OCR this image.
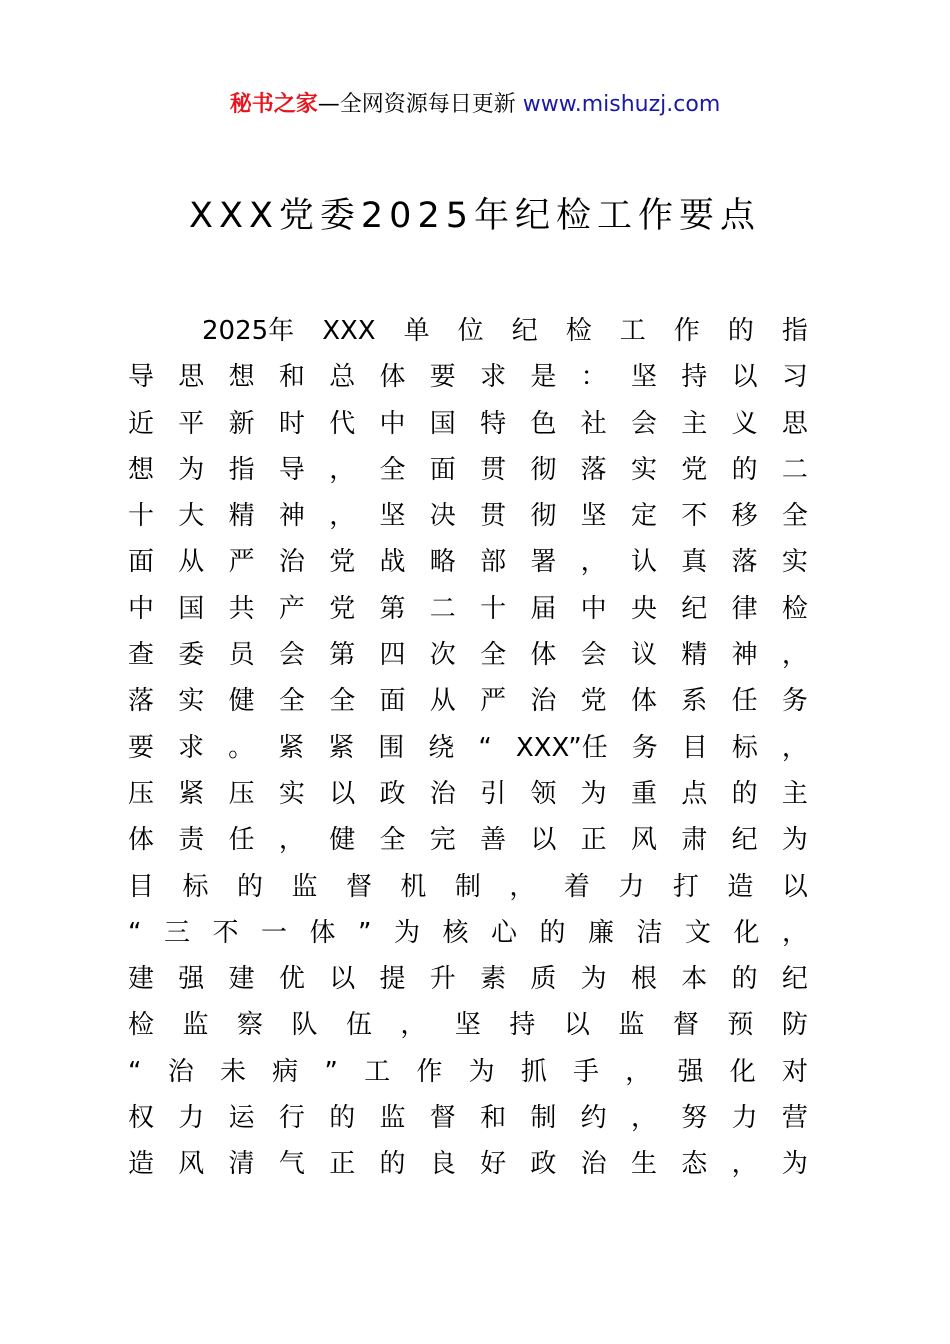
秘书之家—全网资源每日更新 www.mishuzj.com
XXX党委2025年纪检工作要点
2025年 XXX 单 位 纪 检 工 作 的 指
导 思 想 和 总 体 要 求 是 ： 坚 持 以 习
近 平 新 时 代 中 国 特 色 社 会 主 义 思
想 为 指 导 ， 全 面 贯 彻 落 实 党 的 二
十 大 精 神 ， 坚 决 贯 彻 坚 定 不 移 全
面 从 严 治 党 战 略 部 署 ， 认 真 落 实
中 国 共 产 党 第 二 十 届 中 央 纪 律 检
查 委 员 会 第 四 次 全 体 会 议 精 神 ，
落 实 健 全 全 面 从 严 治 党 体 系 任 务
要 求 。 紧 紧 围 绕 “ XXX”任 务 目 标 ，
压 紧 压 实 以 政 治 引 领 为 重 点 的 主
体 责 任 ， 健 全 完 善 以 正 风 肃 纪 为
目 标 的 监 督 机 制 ， 着 力 打 造 以
“ 三 不 一 体 ” 为 核 心 的 廉 洁 文 化 ，
建 强 建 优 以 提 升 素 质 为 根 本 的 纪
检 监 察 队 伍 ， 坚 持 以 监 督 预 防
“ 治 未 病 ” 工 作 为 抓 手 ， 强 化 对
权 力 运 行 的 监 督 和 制 约 ， 努 力 营
造 风 清 气 正 的 良 好 政 治 生 态 ， 为
